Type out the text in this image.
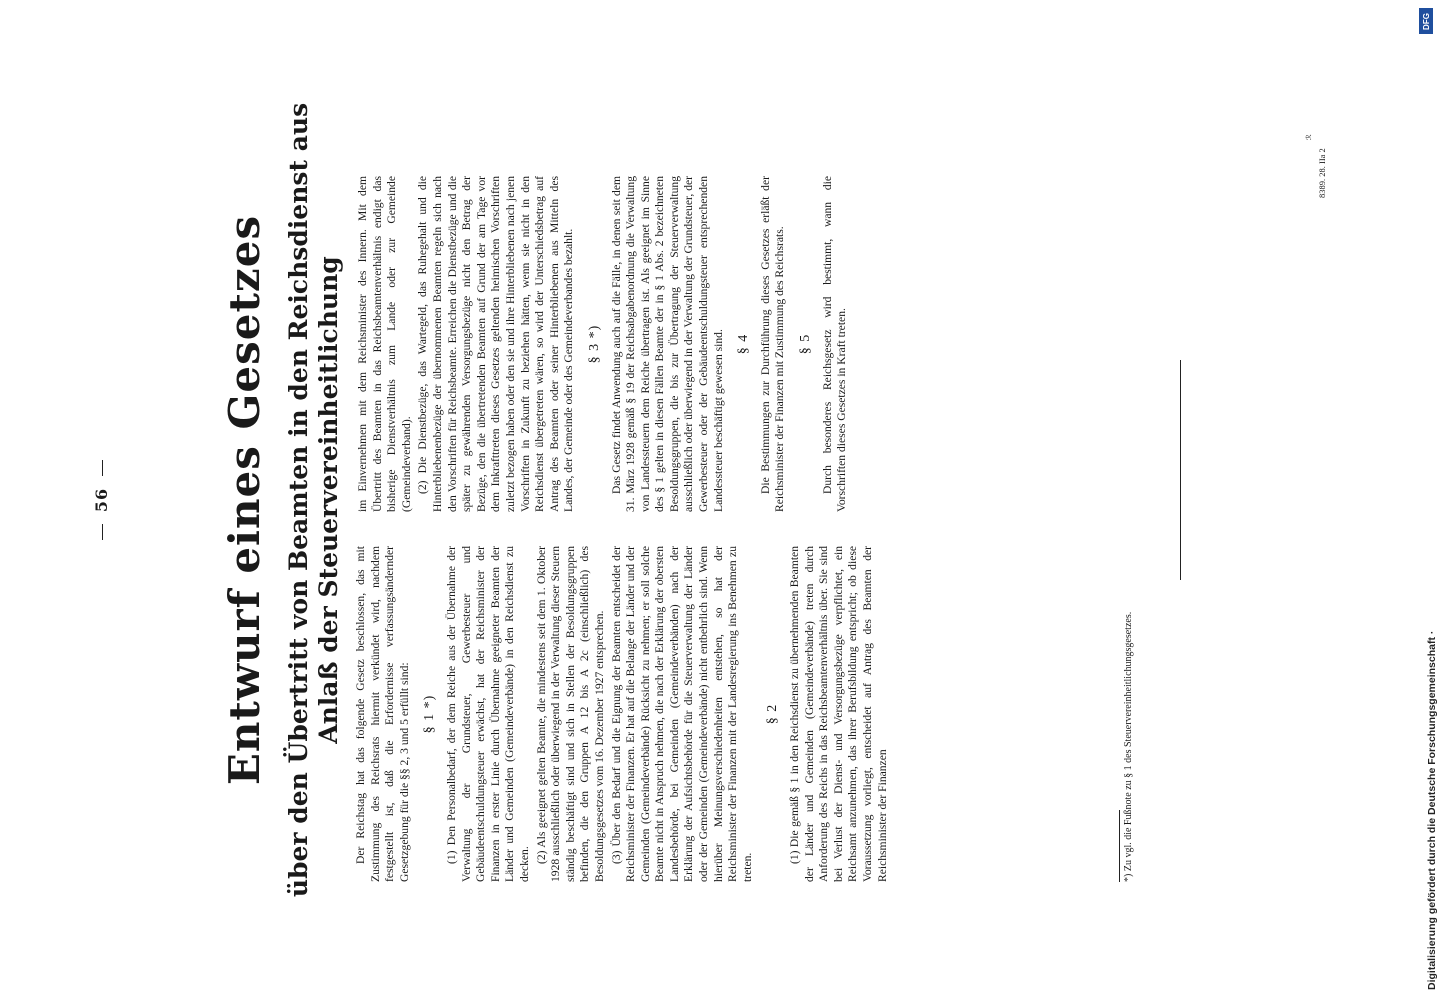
56	Entwurf eines Gesetzes über den Übertritt von Beamten in den Reichsdienst aus Anlaß der Steuervereinheitlichung Der Reichstag hat das folgende Gesetz beschlossen, das mit Zustimmung des Reichsrats hiermit verkündet wird, nachdem festgestellt ist, daß die Erfordernisse verfassungsändernder Gesetzgebung für die §§ 2, 3 und 5 erfüllt sind: § 1 *) (1) Den Personalbedarf, der dem Reiche aus der Übernahme der Verwaltung der Grundsteuer, Gewerbesteuer und Gebäudeentschuldungsteuer erwächst, hat der Reichsminister der Finanzen in erster Linie durch Übernahme geeigneter Beamten der Länder und Gemeinden (Gemeindeverbände) in den Reichsdienst zu decken.

(2) Als geeignet gelten Beamte, die mindestens seit dem 1. Oktober 1928 ausschließlich oder überwiegend in der Verwaltung dieser Steuern ständig beschäftigt sind und sich in Stellen der Besoldungsgruppen befinden, die den Gruppen A 12 bis A 2c (einschließlich) des Besoldungsgesetzes vom 16. Dezember 1927 entsprechen. (3) Über den Bedarf und die Eignung der Beamten entscheidet der Reichsminister der Finanzen. Er hat auf die Belange der Länder und der Gemeinden (Gemeindeverbände) Rücksicht zu nehmen; er soll solche Beamte nicht in Anspruch nehmen, die nach der Erklärung der obersten Landesbehörde, bei Gemeinden (Gemeindeverbänden) nach der Erklärung der Aufsichtsbehörde für die Steuerverwaltung der Länder oder der Gemeinden (Gemeindeverbände) nicht entbehrlich sind. Wenn hierüber Meinungsverschiedenheiten entstehen, so hat der Reichsminister der Finanzen mit der Landesregierung ins Benehmen zu treten.

§ 2 (1) Die gemäß § 1 in den Reichsdienst zu übernehmenden Beamten der Länder und Gemeinden (Gemeindeverbände) treten durch Anforderung des Reichs in das Reichsbeamtenverhältnis über. Sie sind bei Verlust der Dienst- und Versorgungsbezüge verpflichtet, ein Reichsamt anzunehmen, das ihrer Berufsbildung entspricht; ob diese Voraussetzung vorliegt, entscheidet auf Antrag des Beamten der Reichsminister der Finanzen

im Einvernehmen mit dem Reichsminister des Innern. Mit dem Übertritt des Beamten in das Reichsbeamtenverhältnis endigt das bisherige Dienstverhältnis zum Lande oder zur Gemeinde (Gemeindeverband). (2) Die Dienstbezüge, das Wartegeld, das Ruhegehalt und die Hinterbliebenenbezüge der übernommenen Beamten regeln sich nach den Vorschriften für Reichsbeamte. Erreichen die Dienstbezüge und die später zu gewährenden Versorgungsbezüge nicht den Betrag der Bezüge, den die übertretenden Beamten auf Grund der am Tage vor dem Inkrafttreten dieses Gesetzes geltenden heimischen Vorschriften zuletzt bezogen haben oder den sie und ihre Hinterbliebenen nach jenen Vorschriften in Zukunft zu beziehen hätten, wenn sie nicht in den Reichsdienst übergetreten wären, so wird der Unterschiedsbetrag auf Antrag des Beamten oder seiner Hinterbliebenen aus Mitteln des Landes, der Gemeinde oder des Gemeindeverbandes bezahlt. § 3 *) Das Gesetz findet Anwendung auch auf die Fälle, in denen seit dem 31. März 1928 gemäß § 19 der Reichsabgabenordnung die Verwaltung von Landessteuern dem Reiche übertragen ist. Als geeignet im Sinne des § 1 gelten in diesen Fällen Beamte der in § 1 Abs. 2 bezeichneten Besoldungsgruppen, die bis zur Übertragung der Steuerverwaltung ausschließlich oder überwiegend in der Verwaltung der Grundsteuer, der Gewerbesteuer oder der Gebäudeentschuldungsteuer entsprechenden Landessteuer beschäftigt gewesen sind. § 4 Die Bestimmungen zur Durchführung dieses Gesetzes erläßt der Reichsminister der Finanzen mit Zustimmung des Reichsrats. § 5 Durch besonderes Reichsgesetz wird bestimmt, wann die Vorschriften dieses Gesetzes in Kraft treten.

*) Zu vgl. die Fußnote zu § 1 des Steuervereinheitlichungsgesetzes.
ℛ
8389. 28. IIa 2
Digitalisierung gefördert durch die Deutsche Forschungsgemeinschaft ·
DFG
